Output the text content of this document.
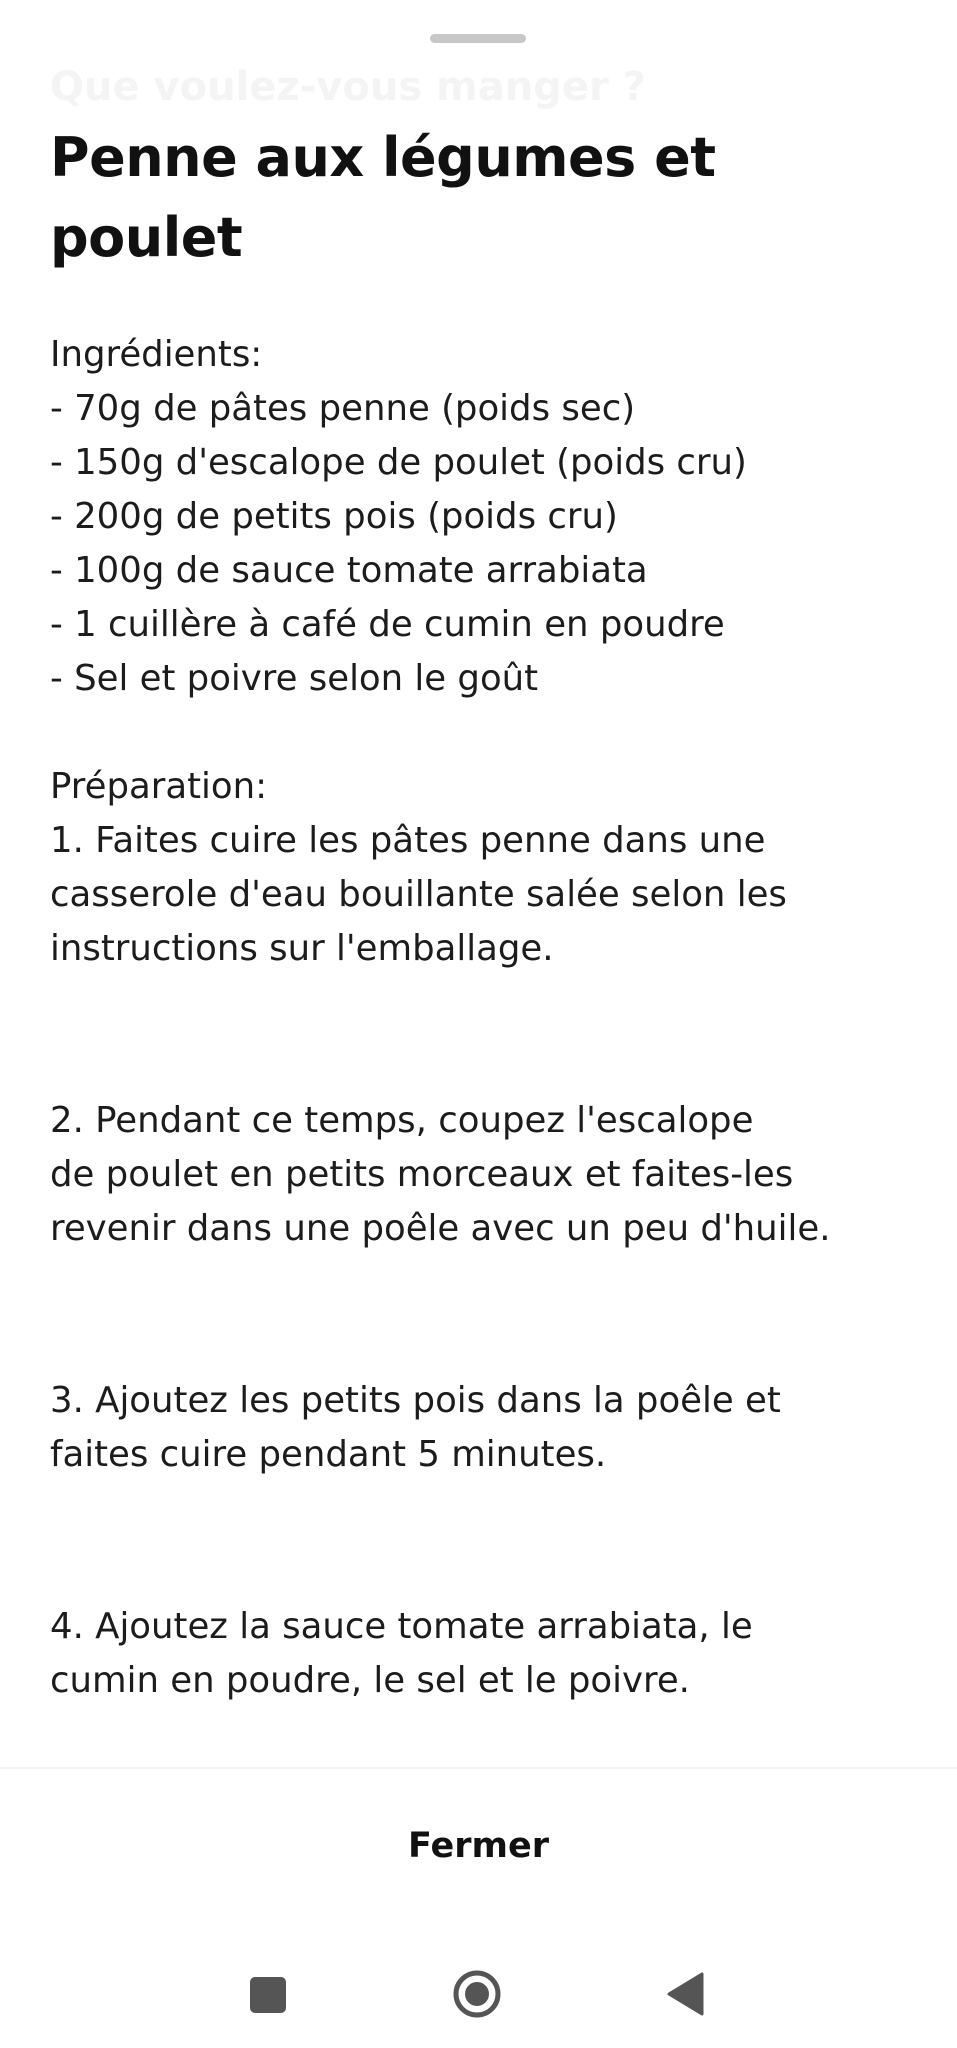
Que voulez-vous manger ?
Penne aux légumes et
poulet
Ingrédients:
- 70g de pâtes penne (poids sec)
- 150g d'escalope de poulet (poids cru)
- 200g de petits pois (poids cru)
- 100g de sauce tomate arrabiata
- 1 cuillère à café de cumin en poudre
- Sel et poivre selon le goût
Préparation:
1. Faites cuire les pâtes penne dans une
casserole d'eau bouillante salée selon les
instructions sur l'emballage.
2. Pendant ce temps, coupez l'escalope
de poulet en petits morceaux et faites-les
revenir dans une poêle avec un peu d'huile.
3. Ajoutez les petits pois dans la poêle et
faites cuire pendant 5 minutes.
4. Ajoutez la sauce tomate arrabiata, le
cumin en poudre, le sel et le poivre.
Fermer
